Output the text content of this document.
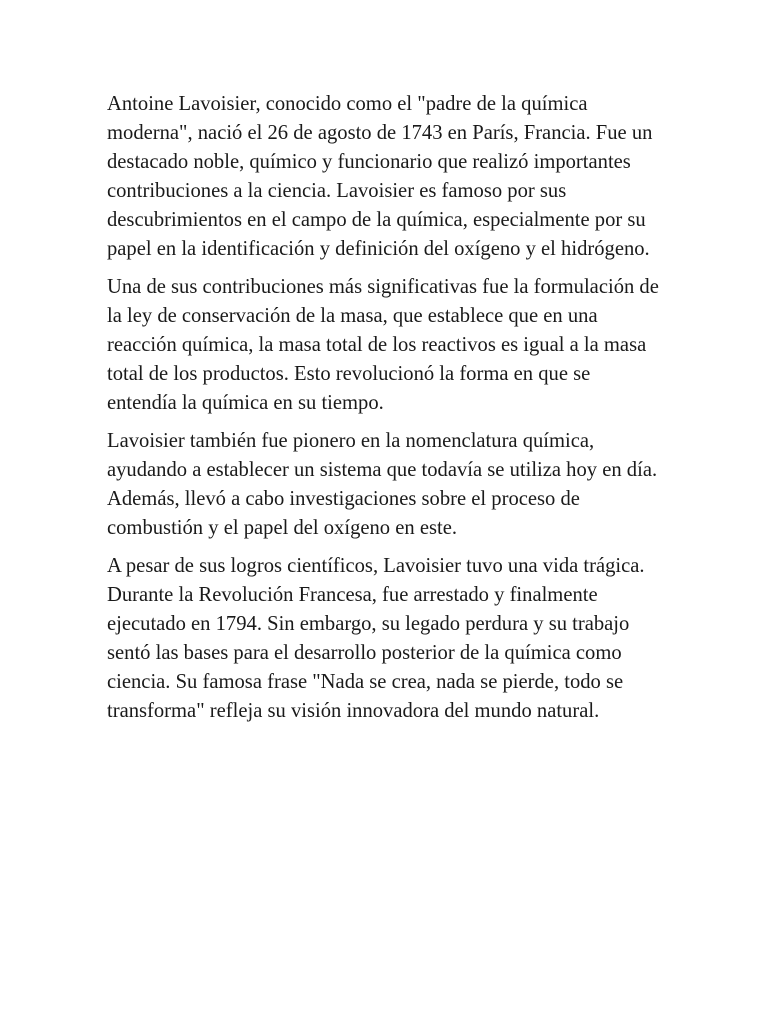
Antoine Lavoisier, conocido como el "padre de la química moderna", nació el 26 de agosto de 1743 en París, Francia. Fue un destacado noble, químico y funcionario que realizó importantes contribuciones a la ciencia. Lavoisier es famoso por sus descubrimientos en el campo de la química, especialmente por su papel en la identificación y definición del oxígeno y el hidrógeno.

Una de sus contribuciones más significativas fue la formulación de la ley de conservación de la masa, que establece que en una reacción química, la masa total de los reactivos es igual a la masa total de los productos. Esto revolucionó la forma en que se entendía la química en su tiempo.

Lavoisier también fue pionero en la nomenclatura química, ayudando a establecer un sistema que todavía se utiliza hoy en día. Además, llevó a cabo investigaciones sobre el proceso de combustión y el papel del oxígeno en este.

A pesar de sus logros científicos, Lavoisier tuvo una vida trágica. Durante la Revolución Francesa, fue arrestado y finalmente ejecutado en 1794. Sin embargo, su legado perdura y su trabajo sentó las bases para el desarrollo posterior de la química como ciencia. Su famosa frase "Nada se crea, nada se pierde, todo se transforma" refleja su visión innovadora del mundo natural.
